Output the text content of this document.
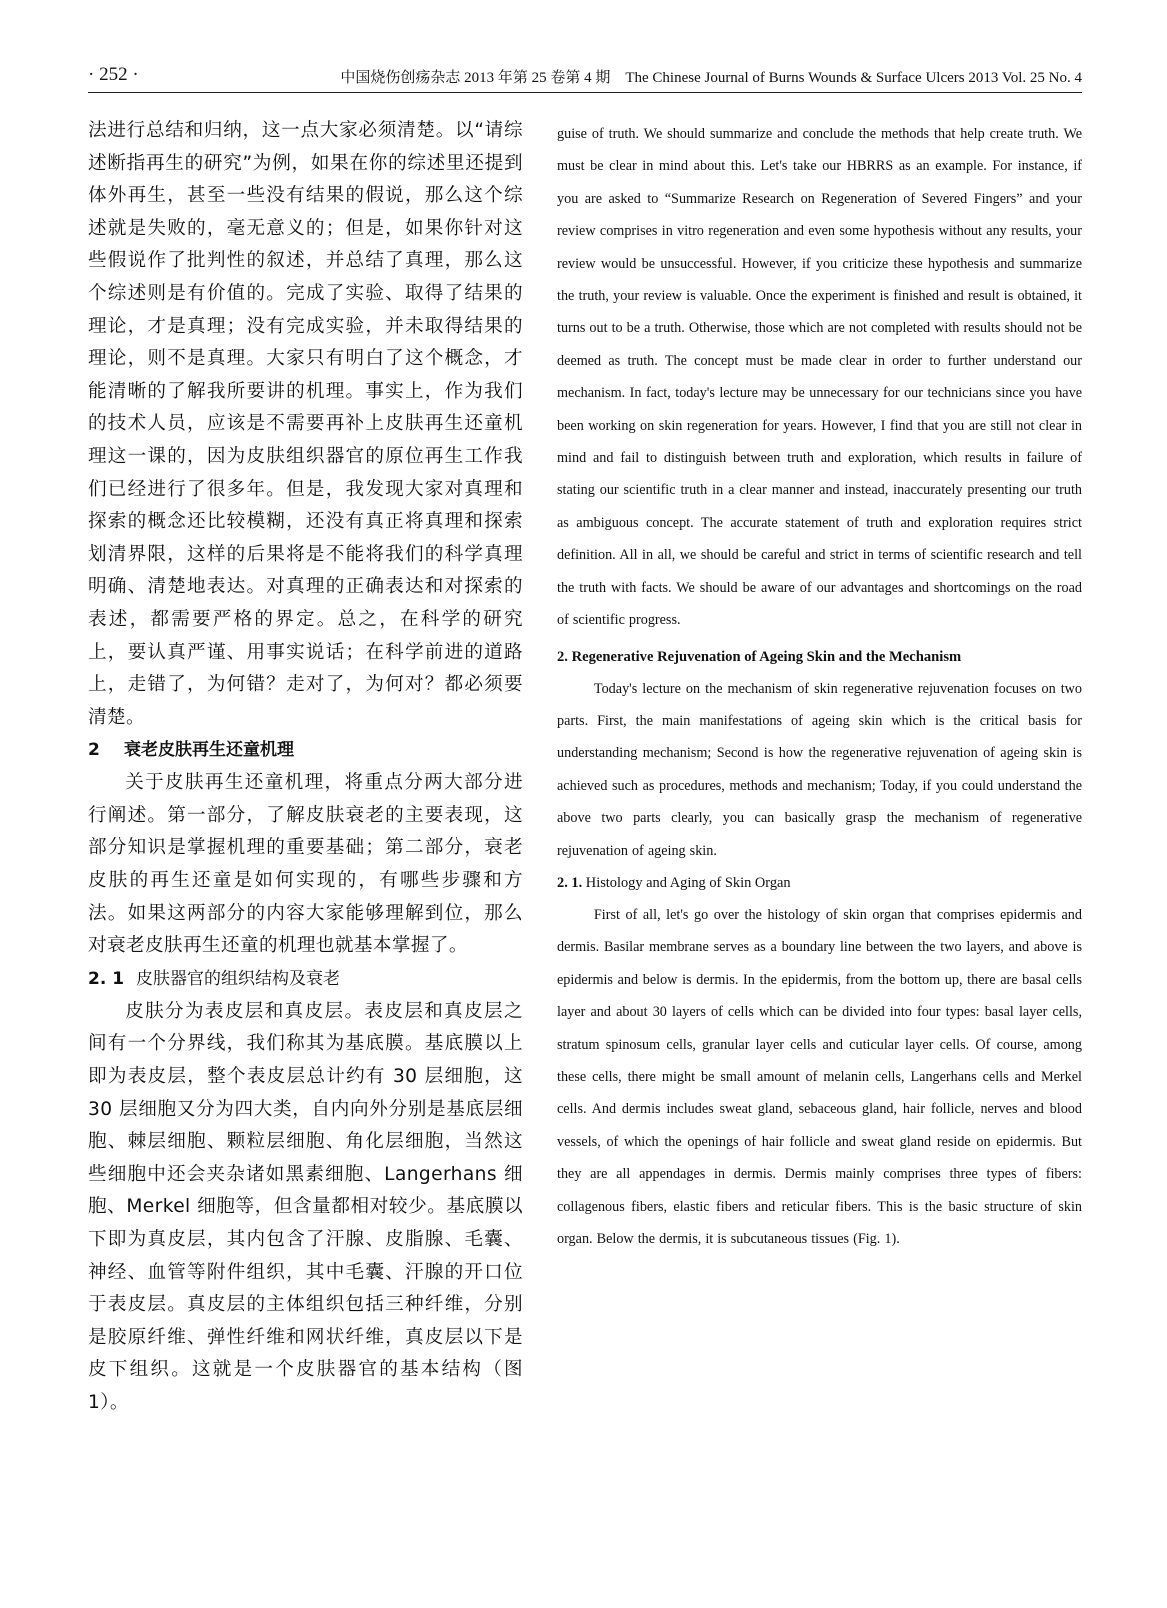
· 252 ·	中国烧伤创疡杂志 2013 年第 25 卷第 4 期　The Chinese Journal of Burns Wounds & Surface Ulcers 2013 Vol. 25 No. 4

法进行总结和归纳，这一点大家必须清楚。以“请综述断指再生的研究”为例，如果在你的综述里还提到体外再生，甚至一些没有结果的假说，那么这个综述就是失败的，毫无意义的；但是，如果你针对这些假说作了批判性的叙述，并总结了真理，那么这个综述则是有价值的。完成了实验、取得了结果的理论，才是真理；没有完成实验，并未取得结果的理论，则不是真理。大家只有明白了这个概念，才能清晰的了解我所要讲的机理。事实上，作为我们的技术人员，应该是不需要再补上皮肤再生还童机理这一课的，因为皮肤组织器官的原位再生工作我们已经进行了很多年。但是，我发现大家对真理和探索的概念还比较模糊，还没有真正将真理和探索划清界限，这样的后果将是不能将我们的科学真理明确、清楚地表达。对真理的正确表达和对探索的表述，都需要严格的界定。总之，在科学的研究上，要认真严谨、用事实说话；在科学前进的道路上，走错了，为何错？走对了，为何对？都必须要清楚。

2 衰老皮肤再生还童机理

关于皮肤再生还童机理，将重点分两大部分进行阐述。第一部分，了解皮肤衰老的主要表现，这部分知识是掌握机理的重要基础；第二部分，衰老皮肤的再生还童是如何实现的，有哪些步骤和方法。如果这两部分的内容大家能够理解到位，那么对衰老皮肤再生还童的机理也就基本掌握了。

2. 1 皮肤器官的组织结构及衰老

皮肤分为表皮层和真皮层。表皮层和真皮层之间有一个分界线，我们称其为基底膜。基底膜以上即为表皮层，整个表皮层总计约有 30 层细胞，这 30 层细胞又分为四大类，自内向外分别是基底层细胞、棘层细胞、颗粒层细胞、角化层细胞，当然这些细胞中还会夹杂诸如黑素细胞、Langerhans 细胞、Merkel 细胞等，但含量都相对较少。基底膜以下即为真皮层，其内包含了汗腺、皮脂腺、毛囊、神经、血管等附件组织，其中毛囊、汗腺的开口位于表皮层。真皮层的主体组织包括三种纤维，分别是胶原纤维、弹性纤维和网状纤维，真皮层以下是皮下组织。这就是一个皮肤器官的基本结构（图 1）。

guise of truth. We should summarize and conclude the methods that help create truth. We must be clear in mind about this. Let's take our HBRRS as an example. For instance, if you are asked to “Summarize Research on Regeneration of Severed Fingers” and your review comprises in vitro regeneration and even some hypothesis without any results, your review would be unsuccessful. However, if you criticize these hypothesis and summarize the truth, your review is valuable. Once the experiment is finished and result is obtained, it turns out to be a truth. Otherwise, those which are not completed with results should not be deemed as truth. The concept must be made clear in order to further understand our mechanism. In fact, today's lecture may be unnecessary for our technicians since you have been working on skin regeneration for years. However, I find that you are still not clear in mind and fail to distinguish between truth and exploration, which results in failure of stating our scientific truth in a clear manner and instead, inaccurately presenting our truth as ambiguous concept. The accurate statement of truth and exploration requires strict definition. All in all, we should be careful and strict in terms of scientific research and tell the truth with facts. We should be aware of our advantages and shortcomings on the road of scientific progress.

2. Regenerative Rejuvenation of Ageing Skin and the Mechanism

Today's lecture on the mechanism of skin regenerative rejuvenation focuses on two parts. First, the main manifestations of ageing skin which is the critical basis for understanding mechanism; Second is how the regenerative rejuvenation of ageing skin is achieved such as procedures, methods and mechanism; Today, if you could understand the above two parts clearly, you can basically grasp the mechanism of regenerative rejuvenation of ageing skin.

2. 1. Histology and Aging of Skin Organ

First of all, let's go over the histology of skin organ that comprises epidermis and dermis. Basilar membrane serves as a boundary line between the two layers, and above is epidermis and below is dermis. In the epidermis, from the bottom up, there are basal cells layer and about 30 layers of cells which can be divided into four types: basal layer cells, stratum spinosum cells, granular layer cells and cuticular layer cells. Of course, among these cells, there might be small amount of melanin cells, Langerhans cells and Merkel cells. And dermis includes sweat gland, sebaceous gland, hair follicle, nerves and blood vessels, of which the openings of hair follicle and sweat gland reside on epidermis. But they are all appendages in dermis. Dermis mainly comprises three types of fibers: collagenous fibers, elastic fibers and reticular fibers. This is the basic structure of skin organ. Below the dermis, it is subcutaneous tissues (Fig. 1).
